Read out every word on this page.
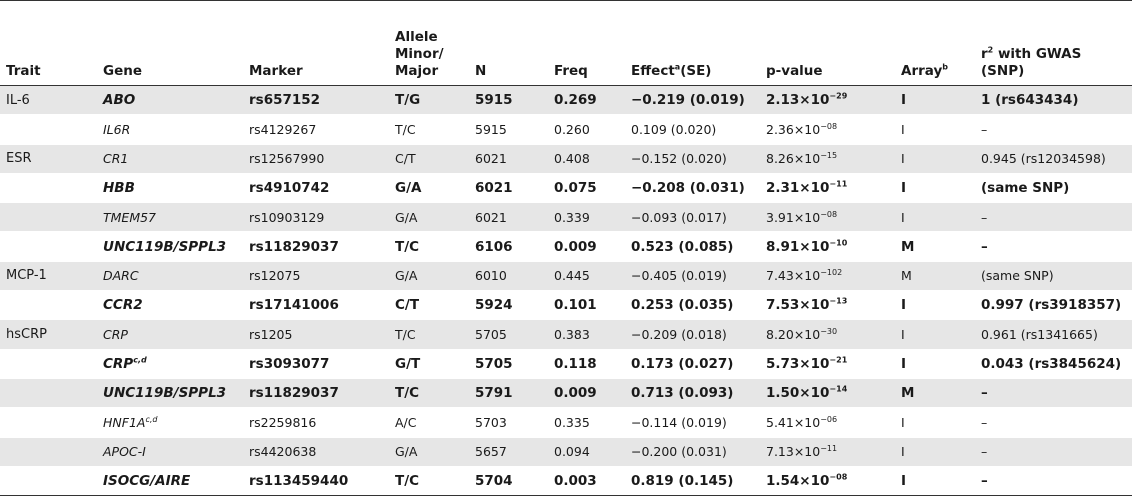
Trait	Gene	Marker	Allele
Minor/
Major	N	Freq	Effect$^a$(SE)	p-value	Array$^b$	$r^2$ with GWAS
(SNP)
IL-6	ABO	rs657152	T/G	5915	0.269	−0.219 (0.019)	$2.13\times 10^{-29}$	I	1 (rs643434)
	IL6R	rs4129267	T/C	5915	0.260	0.109 (0.020)	$2.36\times 10^{-08}$	I	–
ESR	CR1	rs12567990	C/T	6021	0.408	−0.152 (0.020)	$8.26\times 10^{-15}$	I	0.945 (rs12034598)
	HBB	rs4910742	G/A	6021	0.075	−0.208 (0.031)	$2.31\times 10^{-11}$	I	(same SNP)
	TMEM57	rs10903129	G/A	6021	0.339	−0.093 (0.017)	$3.91\times 10^{-08}$	I	–
	UNC119B/SPPL3	rs11829037	T/C	6106	0.009	0.523 (0.085)	$8.91\times 10^{-10}$	M	–
MCP-1	DARC	rs12075	G/A	6010	0.445	−0.405 (0.019)	$7.43\times 10^{-102}$	M	(same SNP)
	CCR2	rs17141006	C/T	5924	0.101	0.253 (0.035)	$7.53\times 10^{-13}$	I	0.997 (rs3918357)
hsCRP	CRP	rs1205	T/C	5705	0.383	−0.209 (0.018)	$8.20\times 10^{-30}$	I	0.961 (rs1341665)
	CRP$^{c,d}$	rs3093077	G/T	5705	0.118	0.173 (0.027)	$5.73\times 10^{-21}$	I	0.043 (rs3845624)
	UNC119B/SPPL3	rs11829037	T/C	5791	0.009	0.713 (0.093)	$1.50\times 10^{-14}$	M	–
	$HNF1A^{c,d}$	rs2259816	A/C	5703	0.335	−0.114 (0.019)	$5.41\times 10^{-06}$	I	–
	APOC-I	rs4420638	G/A	5657	0.094	−0.200 (0.031)	$7.13\times 10^{-11}$	I	–
	ISOCG/AIRE	rs113459440	T/C	5704	0.003	0.819 (0.145)	$1.54\times 10^{-08}$	I	–
